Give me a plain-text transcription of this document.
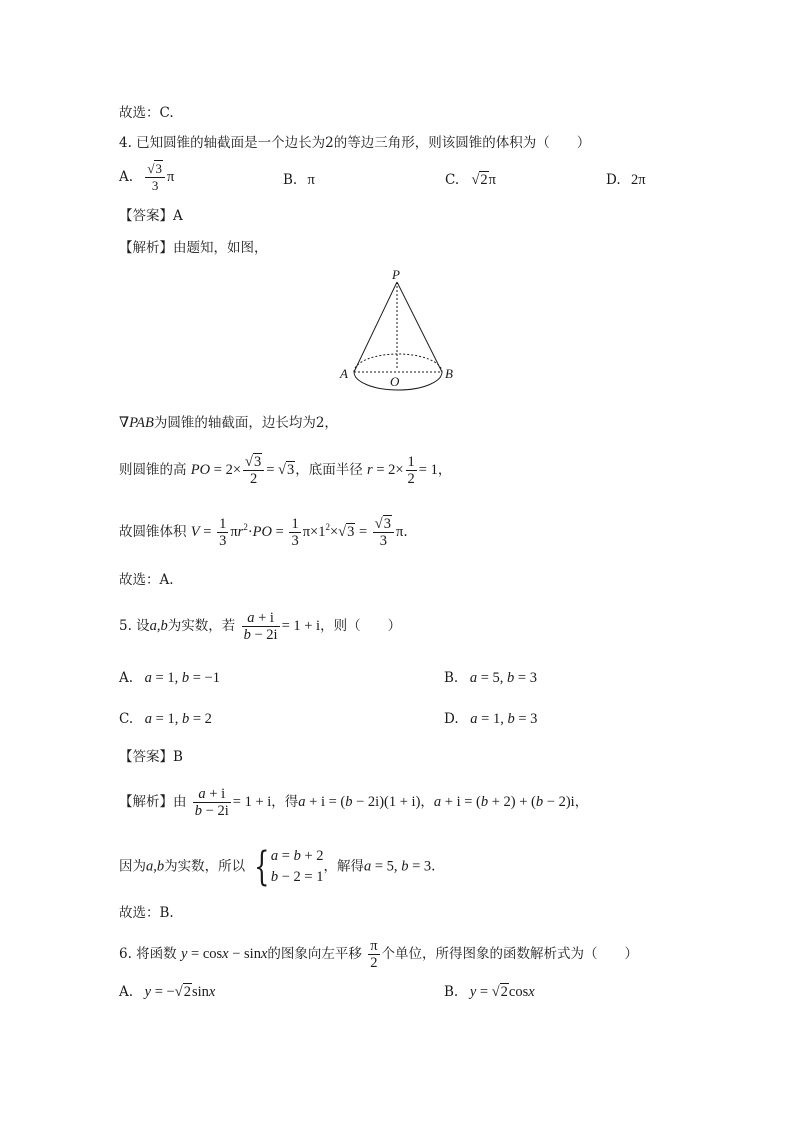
故选：C.
4. 已知圆锥的轴截面是一个边长为2的等边三角形，则该圆锥的体积为（　　）
A. $\frac{√3}{3}$ π	B. π	C. √2π	D. 2π
【答案】A
【解析】由题知，如图，
P
A	B
O
∇PAB为圆锥的轴截面，边长均为2，
则圆锥的高 PO = $2\times \frac{√3}{2} = √3$，底面半径 $r = 2\times \frac{1}{2} = 1$，
故圆锥体积 $V = \frac{1}{3} \pi r^2\cdot PO = \frac{1}{3} \pi\times 1^2\times√3 = \frac{√3}{3} \pi$.
故选：A.
5. 设a,b为实数，若 $\frac{a + i}{b - 2i} = 1 + i$，则（　　）
A. a = 1, b = −1	B. a = 5, b = 3
C. a = 1, b = 2	D. a = 1, b = 3
【答案】B
【解析】由 $\frac{a + i}{b - 2i} = 1 + i$，得a + i = (b − 2i)(1 + i)，a + i = (b + 2) + (b − 2)i，
因为a,b为实数，所以 { a = b + 2
b − 2 = 1
，解得a = 5, b = 3.
故选：B.
6. 将函数 y = cosx − sinx的图象向左平移 $\frac{\pi}{2}$ 个单位，所得图象的函数解析式为（　　）
A. y = −√2sinx	B. y = √2cosx
